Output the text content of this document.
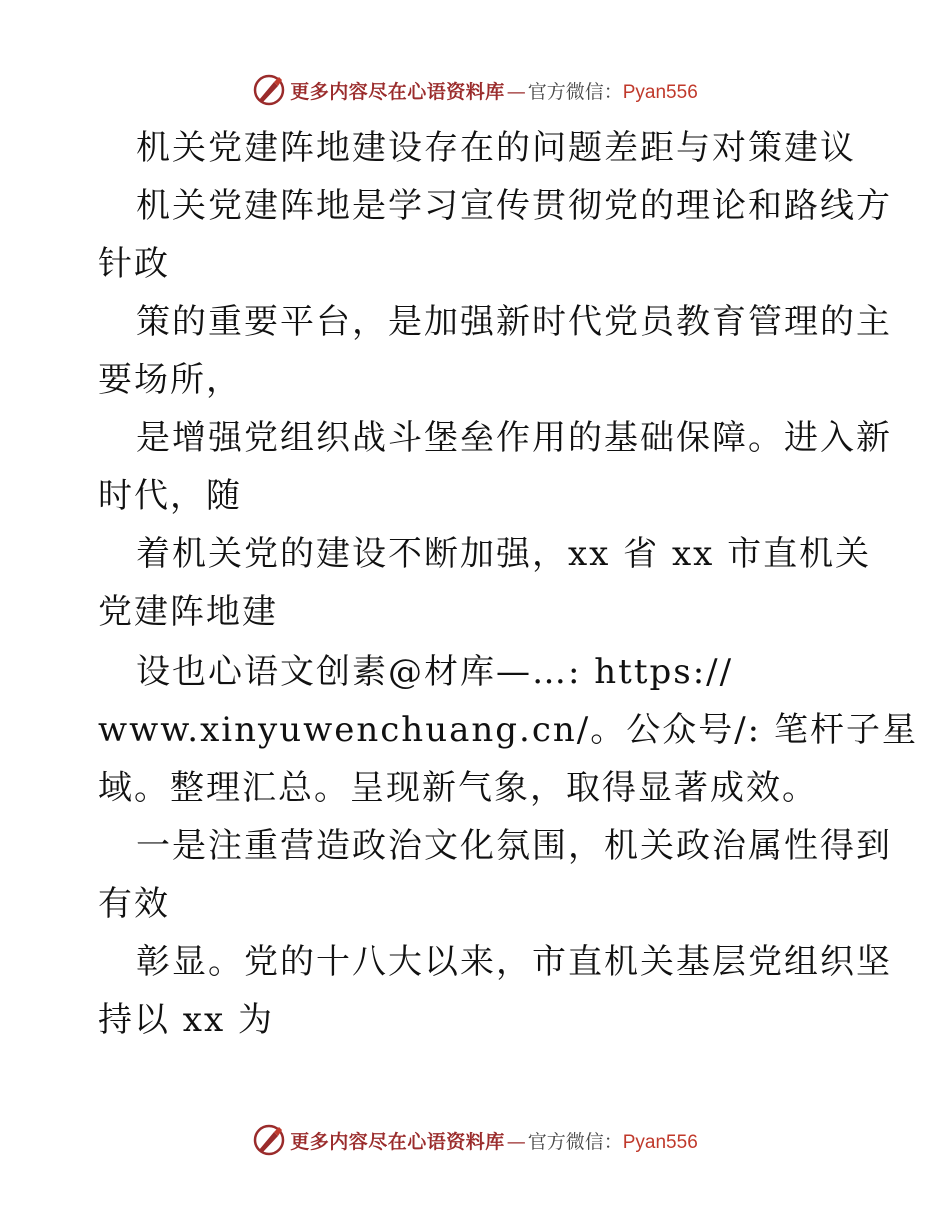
更多内容尽在心语资料库 — 官方微信： Pyan556
机关党建阵地建设存在的问题差距与对策建议
机关党建阵地是学习宣传贯彻党的理论和路线方
针政
策的重要平台，是加强新时代党员教育管理的主
要场所，
是增强党组织战斗堡垒作用的基础保障。进入新
时代，随
着机关党的建设不断加强，xx 省 xx 市直机关
党建阵地建
设也心语文创素@材库—…: https://
www.xinyuwenchuang.cn/。公众号/: 笔杆子星
域。整理汇总。呈现新气象，取得显著成效。
一是注重营造政治文化氛围，机关政治属性得到
有效
彰显。党的十八大以来，市直机关基层党组织坚
持以 xx 为
更多内容尽在心语资料库 — 官方微信： Pyan556
